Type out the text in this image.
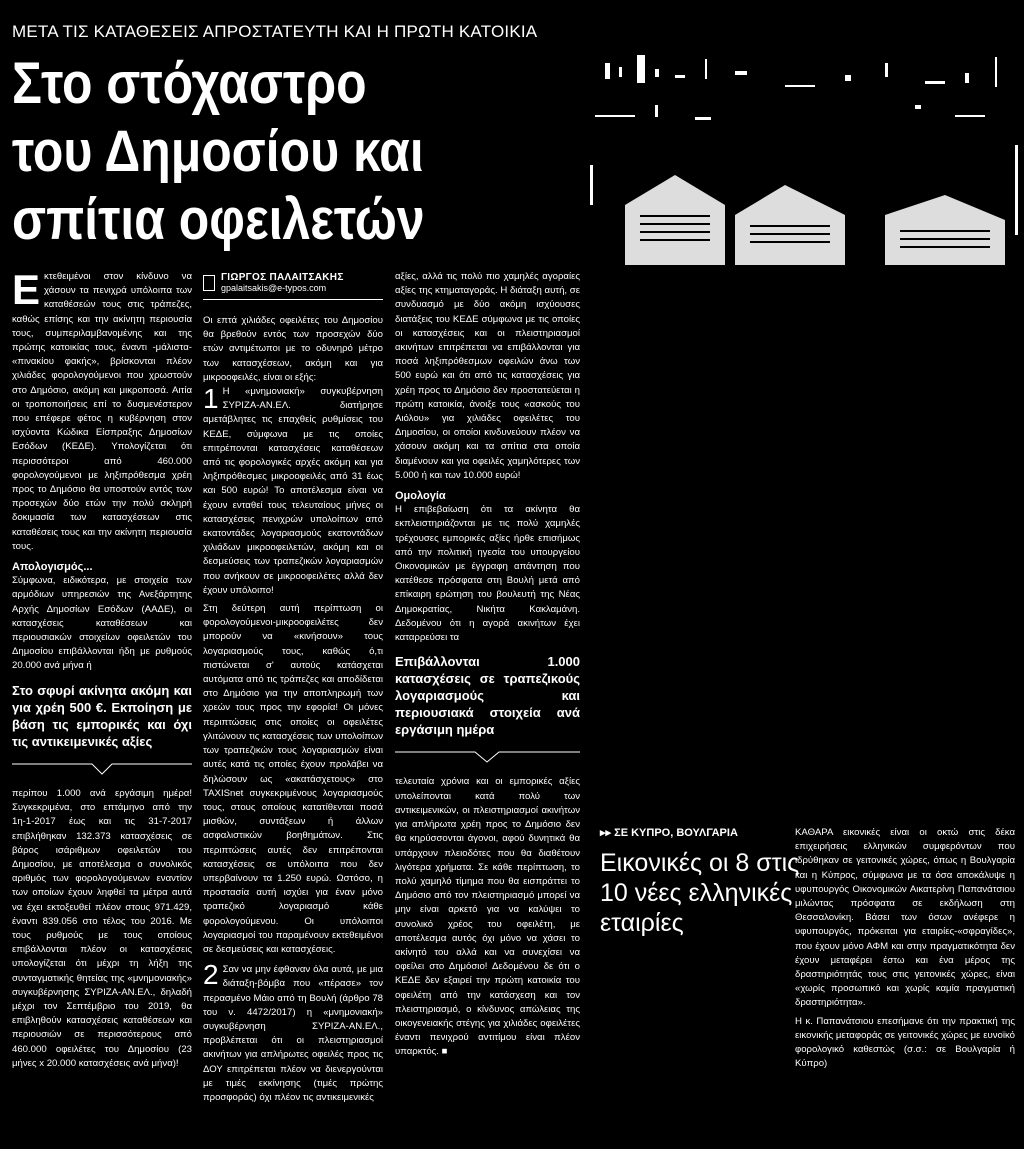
ΜΕΤΑ ΤΙΣ ΚΑΤΑΘΕΣΕΙΣ ΑΠΡΟΣΤΑΤΕΥΤΗ ΚΑΙ Η ΠΡΩΤΗ ΚΑΤΟΙΚΙΑ
Στο στόχαστρο
του Δημοσίου και
σπίτια οφειλετών
Ε κτεθειμένοι στον κίνδυνο να χάσουν τα πενιχρά υπόλοιπα των καταθέσεών τους στις τράπεζες, καθώς επίσης και την ακίνητη περιουσία τους, συμπεριλαμβανομένης και της πρώτης κατοικίας τους, έναντι -μάλιστα- «πινακίου φακής», βρίσκονται πλέον χιλιάδες φορολογούμενοι που χρωστούν στο Δημόσιο, ακόμη και μικροποσά. Αιτία οι τροποποιήσεις επί το δυσμενέστερον που επέφερε φέτος η κυβέρνηση στον ισχύοντα Κώδικα Είσπραξης Δημοσίων Εσόδων (ΚΕΔΕ). Υπολογίζεται ότι περισσότεροι από 460.000 φορολογούμενοι με ληξιπρόθεσμα χρέη προς το Δημόσιο θα υποστούν εντός των προσεχών δύο ετών την πολύ σκληρή δοκιμασία των κατασχέσεων στις καταθέσεις τους και την ακίνητη περιουσία τους.

Απολογισμός...

Σύμφωνα, ειδικότερα, με στοιχεία των αρμόδιων υπηρεσιών της Ανεξάρτητης Αρχής Δημοσίων Εσόδων (ΑΑΔΕ), οι κατασχέσεις καταθέσεων και περιουσιακών στοιχείων οφειλετών του Δημοσίου επιβάλλονται ήδη με ρυθμούς 20.000 ανά μήνα ή

Στο σφυρί ακίνητα ακόμη και για χρέη 500 €. Εκποίηση με βάση τις εμπορικές και όχι τις αντικειμενικές αξίες

περίπου 1.000 ανά εργάσιμη ημέρα! Συγκεκριμένα, στο επτάμηνο από την 1η-1-2017 έως και τις 31-7-2017 επιβλήθηκαν 132.373 κατασχέσεις σε βάρος ισάριθμων οφειλετών του Δημοσίου, με αποτέλεσμα ο συνολικός αριθμός των φορολογούμενων εναντίον των οποίων έχουν ληφθεί τα μέτρα αυτά να έχει εκτοξευθεί πλέον στους 971.429, έναντι 839.056 στο τέλος του 2016. Με τους ρυθμούς με τους οποίους επιβάλλονται πλέον οι κατασχέσεις υπολογίζεται ότι μέχρι τη λήξη της συνταγματικής θητείας της «μνημονιακής» συγκυβέρνησης ΣΥΡΙΖΑ-ΑΝ.ΕΛ., δηλαδή μέχρι τον Σεπτέμβριο του 2019, θα επιβληθούν κατασχέσεις καταθέσεων και περιουσιών σε περισσότερους από 460.000 οφειλέτες του Δημοσίου (23 μήνες x 20.000 κατασχέσεις ανά μήνα)!

ΓΙΩΡΓΟΣ ΠΑΛΑΙΤΣΑΚΗΣ
gpalaitsakis@e-typos.com

Οι επτά χιλιάδες οφειλέτες του Δημοσίου θα βρεθούν εντός των προσεχών δύο ετών αντιμέτωποι με το οδυνηρό μέτρο των κατασχέσεων, ακόμη και για μικροοφειλές, είναι οι εξής:

1 Η «μνημονιακή» συγκυβέρνηση ΣΥΡΙΖΑ-ΑΝ.ΕΛ. διατήρησε αμετάβλητες τις επαχθείς ρυθμίσεις του ΚΕΔΕ, σύμφωνα με τις οποίες επιτρέπονται κατασχέσεις καταθέσεων από τις φορολογικές αρχές ακόμη και για ληξιπρόθεσμες μικροοφειλές από 31 έως και 500 ευρώ! Το αποτέλεσμα είναι να έχουν ενταθεί τους τελευταίους μήνες οι κατασχέσεις πενιχρών υπολοίπων από εκατοντάδες λογαριασμούς εκατοντάδων χιλιάδων μικροοφειλετών, ακόμη και οι δεσμεύσεις των τραπεζικών λογαριασμών που ανήκουν σε μικροοφειλέτες αλλά δεν έχουν υπόλοιπο!

Στη δεύτερη αυτή περίπτωση οι φορολογούμενοι-μικροοφειλέτες δεν μπορούν να «κινήσουν» τους λογαριασμούς τους, καθώς ό,τι πιστώνεται σ' αυτούς κατάσχεται αυτόματα από τις τράπεζες και αποδίδεται στο Δημόσιο για την αποπληρωμή των χρεών τους προς την εφορία! Οι μόνες περιπτώσεις στις οποίες οι οφειλέτες γλιτώνουν τις κατασχέσεις των υπολοίπων των τραπεζικών τους λογαριασμών είναι αυτές κατά τις οποίες έχουν προλάβει να δηλώσουν ως «ακατάσχετους» στο TAXISnet συγκεκριμένους λογαριασμούς τους, στους οποίους κατατίθενται ποσά μισθών, συντάξεων ή άλλων ασφαλιστικών βοηθημάτων. Στις περιπτώσεις αυτές δεν επιτρέπονται κατασχέσεις σε υπόλοιπα που δεν υπερβαίνουν τα 1.250 ευρώ. Ωστόσο, η προστασία αυτή ισχύει για έναν μόνο τραπεζικό λογαριασμό κάθε φορολογούμενου. Οι υπόλοιποι λογαριασμοί του παραμένουν εκτεθειμένοι σε δεσμεύσεις και κατασχέσεις.

2 Σαν να μην έφθαναν όλα αυτά, με μια διάταξη-βόμβα που «πέρασε» τον περασμένο Μάιο από τη Βουλή (άρθρο 78 του ν. 4472/2017) η «μνημονιακή» συγκυβέρνηση ΣΥΡΙΖΑ-ΑΝ.ΕΛ., προβλέπεται ότι οι πλειστηριασμοί ακινήτων για απλήρωτες οφειλές προς τις ΔΟΥ επιτρέπεται πλέον να διενεργούνται με τιμές εκκίνησης (τιμές πρώτης προσφοράς) όχι πλέον τις αντικειμενικές

αξίες, αλλά τις πολύ πιο χαμηλές αγοραίες αξίες της κτηματαγοράς. Η διάταξη αυτή, σε συνδυασμό με δύο ακόμη ισχύουσες διατάξεις του ΚΕΔΕ σύμφωνα με τις οποίες οι κατασχέσεις και οι πλειστηριασμοί ακινήτων επιτρέπεται να επιβάλλονται για ποσά ληξιπρόθεσμων οφειλών άνω των 500 ευρώ και ότι από τις κατασχέσεις για χρέη προς το Δημόσιο δεν προστατεύεται η πρώτη κατοικία, άνοιξε τους «ασκούς του Αιόλου» για χιλιάδες οφειλέτες του Δημοσίου, οι οποίοι κινδυνεύουν πλέον να χάσουν ακόμη και τα σπίτια στα οποία διαμένουν και για οφειλές χαμηλότερες των 5.000 ή και των 10.000 ευρώ!

Ομολογία

Η επιβεβαίωση ότι τα ακίνητα θα εκπλειστηριάζονται με τις πολύ χαμηλές τρέχουσες εμπορικές αξίες ήρθε επισήμως από την πολιτική ηγεσία του υπουργείου Οικονομικών με έγγραφη απάντηση που κατέθεσε πρόσφατα στη Βουλή μετά από επίκαιρη ερώτηση του βουλευτή της Νέας Δημοκρατίας, Νικήτα Κακλαμάνη. Δεδομένου ότι η αγορά ακινήτων έχει καταρρεύσει τα

Επιβάλλονται 1.000 κατασχέσεις σε τραπεζικούς λογαριασμούς και περιουσιακά στοιχεία ανά εργάσιμη ημέρα

τελευταία χρόνια και οι εμπορικές αξίες υπολείπονται κατά πολύ των αντικειμενικών, οι πλειστηριασμοί ακινήτων για απλήρωτα χρέη προς το Δημόσιο δεν θα κηρύσσονται άγονοι, αφού δυνητικά θα υπάρχουν πλειοδότες που θα διαθέτουν λιγότερα χρήματα. Σε κάθε περίπτωση, το πολύ χαμηλό τίμημα που θα εισπράττει το Δημόσιο από τον πλειστηριασμό μπορεί να μην είναι αρκετό για να καλύψει το συνολικό χρέος του οφειλέτη, με αποτέλεσμα αυτός όχι μόνο να χάσει το ακίνητό του αλλά και να συνεχίσει να οφείλει στο Δημόσιο! Δεδομένου δε ότι ο ΚΕΔΕ δεν εξαιρεί την πρώτη κατοικία του οφειλέτη από την κατάσχεση και τον πλειστηριασμό, ο κίνδυνος απώλειας της οικογενειακής στέγης για χιλιάδες οφειλέτες έναντι πενιχρού αντιτίμου είναι πλέον υπαρκτός. ■

▸▸ ΣΕ ΚΥΠΡΟ, ΒΟΥΛΓΑΡΙΑ
Εικονικές οι 8 στις 10 νέες ελληνικές εταιρίες

ΚΑΘΑΡΑ εικονικές είναι οι οκτώ στις δέκα επιχειρήσεις ελληνικών συμφερόντων που ιδρύθηκαν σε γειτονικές χώρες, όπως η Βουλγαρία και η Κύπρος, σύμφωνα με τα όσα αποκάλυψε η υφυπουργός Οικονομικών Αικατερίνη Παπανάτσιου μιλώντας πρόσφατα σε εκδήλωση στη Θεσσαλονίκη. Βάσει των όσων ανέφερε η υφυπουργός, πρόκειται για εταιρίες-«σφραγίδες», που έχουν μόνο ΑΦΜ και στην πραγματικότητα δεν έχουν μεταφέρει έστω και ένα μέρος της δραστηριότητάς τους στις γειτονικές χώρες, είναι «χωρίς προσωπικό και χωρίς καμία πραγματική δραστηριότητα».

Η κ. Παπανάτσιου επεσήμανε ότι την πρακτική της εικονικής μεταφοράς σε γειτονικές χώρες με ευνοϊκό φορολογικό καθεστώς (σ.σ.: σε Βουλγαρία ή Κύπρο)
